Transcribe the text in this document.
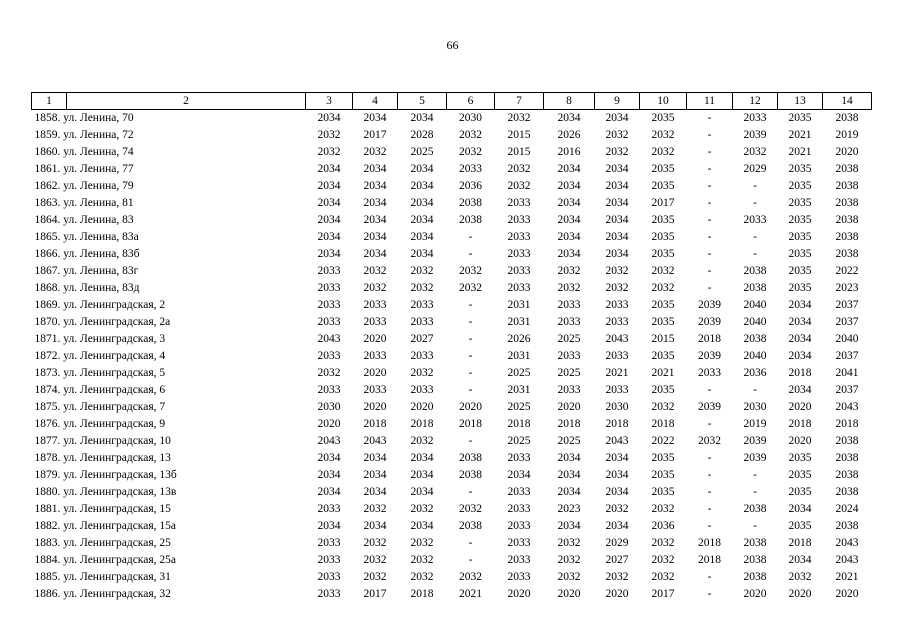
66
1	2	3	4	5	6	7	8	9	10	11	12	13	14
1858. ул. Ленина, 70		2034	2034	2034	2030	2032	2034	2034	2035	-	2033	2035	2038
1859. ул. Ленина, 72		2032	2017	2028	2032	2015	2026	2032	2032	-	2039	2021	2019
1860. ул. Ленина, 74		2032	2032	2025	2032	2015	2016	2032	2032	-	2032	2021	2020
1861. ул. Ленина, 77		2034	2034	2034	2033	2032	2034	2034	2035	-	2029	2035	2038
1862. ул. Ленина, 79		2034	2034	2034	2036	2032	2034	2034	2035	-	-	2035	2038
1863. ул. Ленина, 81		2034	2034	2034	2038	2033	2034	2034	2017	-	-	2035	2038
1864. ул. Ленина, 83		2034	2034	2034	2038	2033	2034	2034	2035	-	2033	2035	2038
1865. ул. Ленина, 83а		2034	2034	2034	-	2033	2034	2034	2035	-	-	2035	2038
1866. ул. Ленина, 83б		2034	2034	2034	-	2033	2034	2034	2035	-	-	2035	2038
1867. ул. Ленина, 83г		2033	2032	2032	2032	2033	2032	2032	2032	-	2038	2035	2022
1868. ул. Ленина, 83д		2033	2032	2032	2032	2033	2032	2032	2032	-	2038	2035	2023
1869. ул. Ленинградская, 2		2033	2033	2033	-	2031	2033	2033	2035	2039	2040	2034	2037
1870. ул. Ленинградская, 2а		2033	2033	2033	-	2031	2033	2033	2035	2039	2040	2034	2037
1871. ул. Ленинградская, 3		2043	2020	2027	-	2026	2025	2043	2015	2018	2038	2034	2040
1872. ул. Ленинградская, 4		2033	2033	2033	-	2031	2033	2033	2035	2039	2040	2034	2037
1873. ул. Ленинградская, 5		2032	2020	2032	-	2025	2025	2021	2021	2033	2036	2018	2041
1874. ул. Ленинградская, 6		2033	2033	2033	-	2031	2033	2033	2035	-	-	2034	2037
1875. ул. Ленинградская, 7		2030	2020	2020	2020	2025	2020	2030	2032	2039	2030	2020	2043
1876. ул. Ленинградская, 9		2020	2018	2018	2018	2018	2018	2018	2018	-	2019	2018	2018
1877. ул. Ленинградская, 10		2043	2043	2032	-	2025	2025	2043	2022	2032	2039	2020	2038
1878. ул. Ленинградская, 13		2034	2034	2034	2038	2033	2034	2034	2035	-	2039	2035	2038
1879. ул. Ленинградская, 13б		2034	2034	2034	2038	2034	2034	2034	2035	-	-	2035	2038
1880. ул. Ленинградская, 13в		2034	2034	2034	-	2033	2034	2034	2035	-	-	2035	2038
1881. ул. Ленинградская, 15		2033	2032	2032	2032	2033	2023	2032	2032	-	2038	2034	2024
1882. ул. Ленинградская, 15а		2034	2034	2034	2038	2033	2034	2034	2036	-	-	2035	2038
1883. ул. Ленинградская, 25		2033	2032	2032	-	2033	2032	2029	2032	2018	2038	2018	2043
1884. ул. Ленинградская, 25а		2033	2032	2032	-	2033	2032	2027	2032	2018	2038	2034	2043
1885. ул. Ленинградская, 31		2033	2032	2032	2032	2033	2032	2032	2032	-	2038	2032	2021
1886. ул. Ленинградская, 32		2033	2017	2018	2021	2020	2020	2020	2017	-	2020	2020	2020
